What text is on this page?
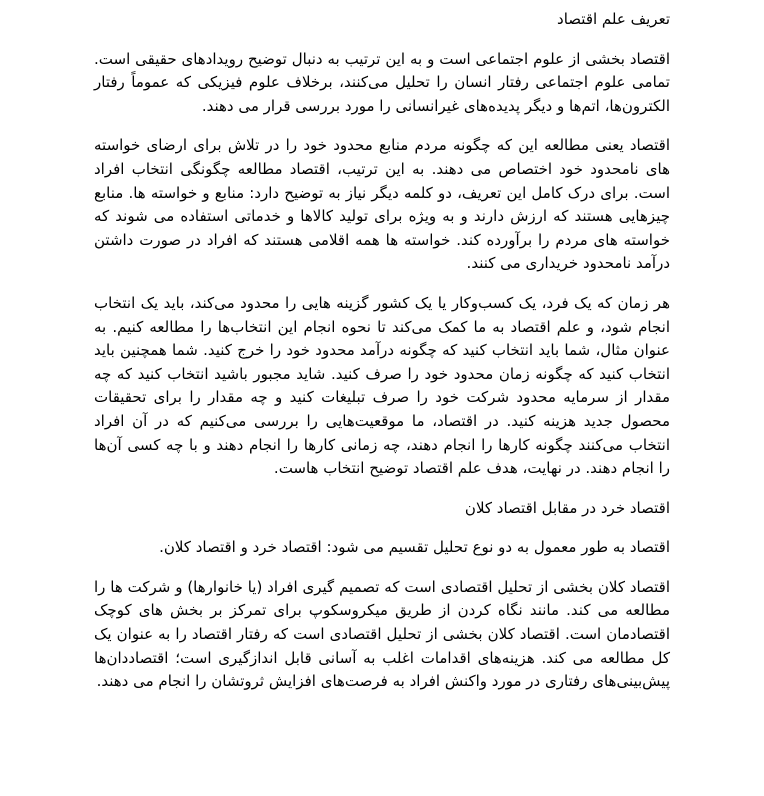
تعریف علم اقتصاد
اقتصاد بخشی از علوم اجتماعی است و به این ترتیب به دنبال توضیح رویدادهای حقیقی است. تمامی علوم اجتماعی رفتار انسان را تحلیل می‌کنند، برخلاف علوم فیزیکی که عموماً رفتار الکترون‌ها، اتم‌ها و دیگر پدیده‌های غیرانسانی را مورد بررسی قرار می دهند.
اقتصاد یعنی مطالعه این که چگونه مردم منابع محدود خود را در تلاش برای ارضای خواسته های نامحدود خود اختصاص می دهند. به این ترتیب، اقتصاد مطالعه چگونگی انتخاب افراد است. برای درک کامل این تعریف، دو کلمه دیگر نیاز به توضیح دارد: منابع و خواسته ها. منابع چیزهایی هستند که ارزش دارند و به ویژه برای تولید کالاها و خدماتی استفاده می شوند که خواسته های مردم را برآورده کند. خواسته ها همه اقلامی هستند که افراد در صورت داشتن درآمد نامحدود خریداری می کنند.
هر زمان که یک فرد، یک کسب‌وکار یا یک کشور گزینه هایی را محدود می‌کند، باید یک انتخاب انجام شود، و علم اقتصاد به ما کمک می‌کند تا نحوه انجام این انتخاب‌ها را مطالعه کنیم. به عنوان مثال، شما باید انتخاب کنید که چگونه درآمد محدود خود را خرج کنید. شما همچنین باید انتخاب کنید که چگونه زمان محدود خود را صرف کنید. شاید مجبور باشید انتخاب کنید که چه مقدار از سرمایه محدود شرکت خود را صرف تبلیغات کنید و چه مقدار را برای تحقیقات محصول جدید هزینه کنید. در اقتصاد، ما موقعیت‌هایی را بررسی می‌کنیم که در آن افراد انتخاب می‌کنند چگونه کارها را انجام دهند، چه زمانی کارها را انجام دهند و با چه کسی آن‌ها را انجام دهند. در نهایت، هدف علم اقتصاد توضیح انتخاب هاست.
اقتصاد خرد در مقابل اقتصاد کلان
اقتصاد به طور معمول به دو نوع تحلیل تقسیم می شود: اقتصاد خرد و اقتصاد کلان.
اقتصاد کلان بخشی از تحلیل اقتصادی است که تصمیم گیری افراد (یا خانوارها) و شرکت ها را مطالعه می کند. مانند نگاه کردن از طریق میکروسکوپ برای تمرکز بر بخش های کوچک اقتصادمان است. اقتصاد کلان بخشی از تحلیل اقتصادی است که رفتار اقتصاد را به عنوان یک کل مطالعه می کند. هزینه‌های اقدامات اغلب به آسانی قابل اندازگیری است؛ اقتصاددان‌ها پیش‌بینی‌های رفتاری در مورد واکنش افراد به فرصت‌های افزایش ثروتشان را انجام می دهند.
